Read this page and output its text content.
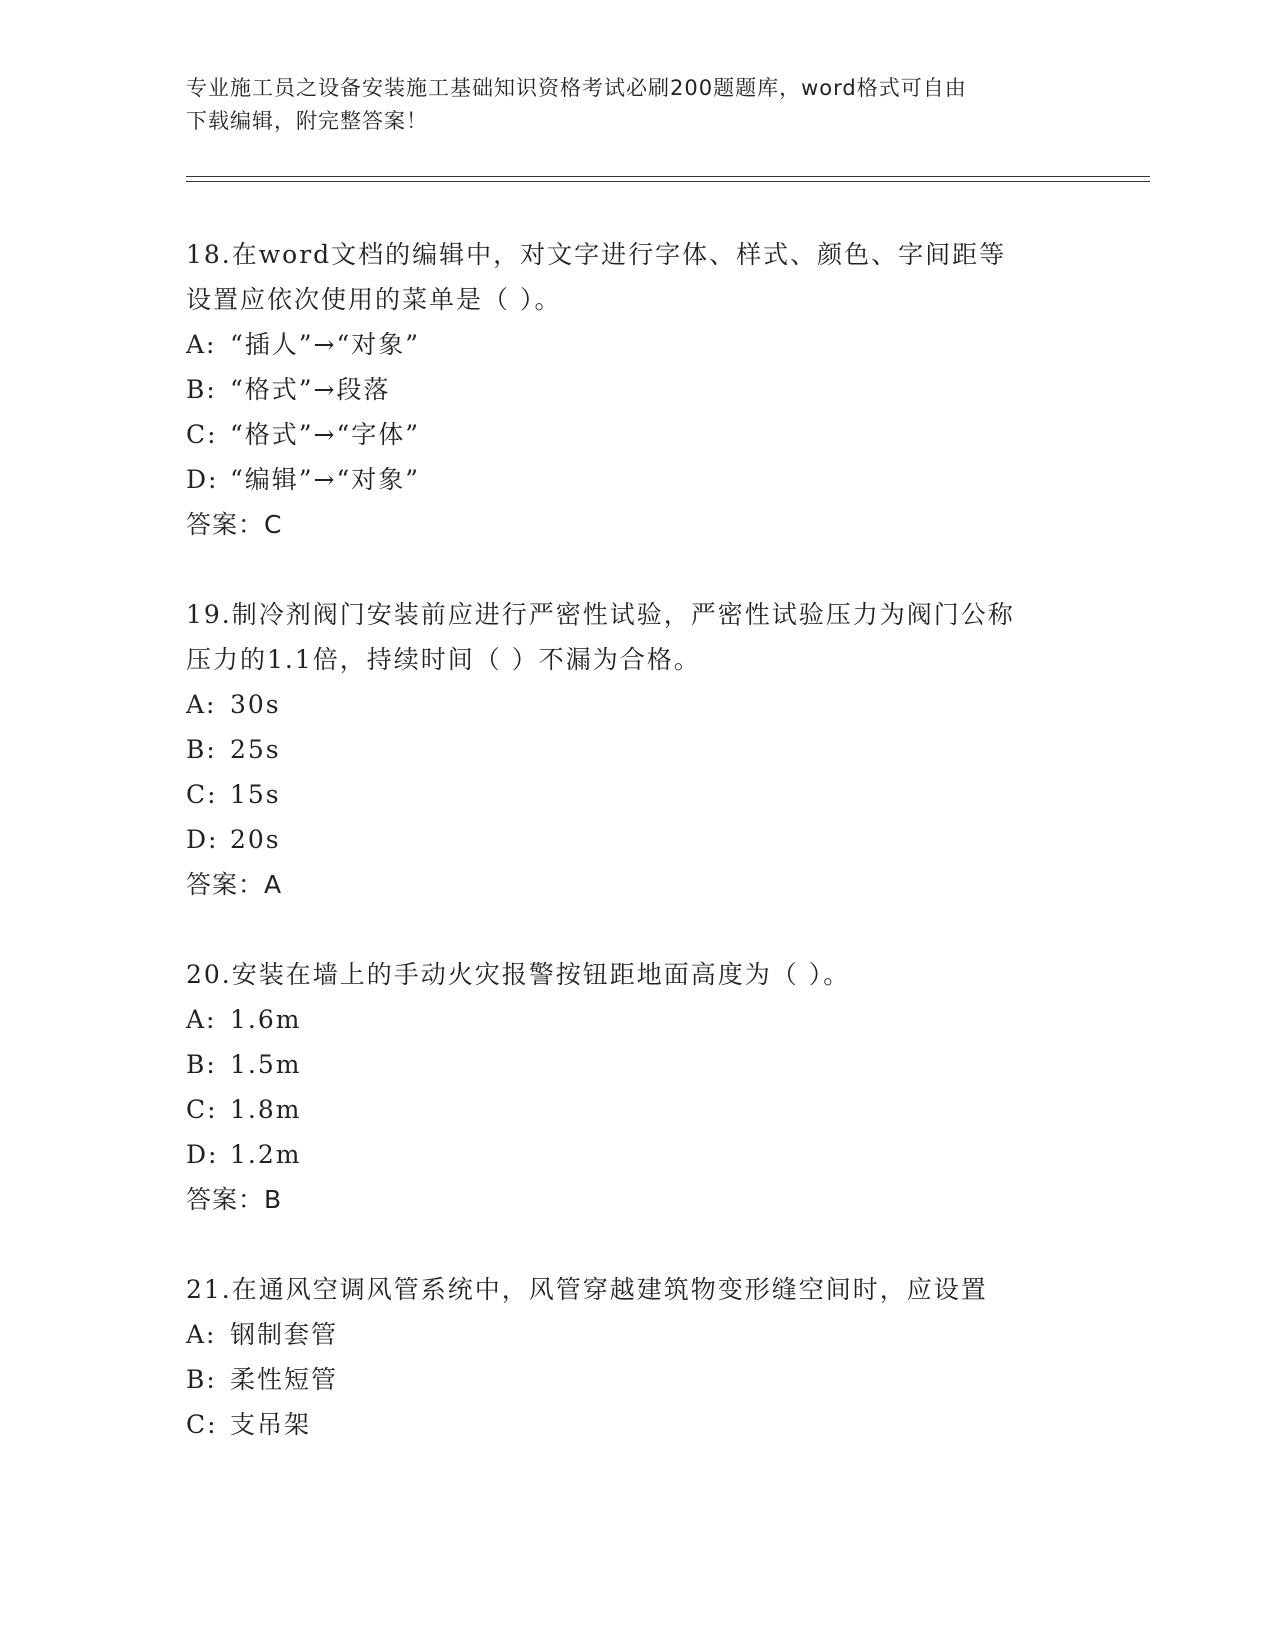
专业施工员之设备安装施工基础知识资格考试必刷200题题库，word格式可自由
下载编辑，附完整答案！
18.在word文档的编辑中，对文字进行字体、样式、颜色、字间距等
设置应依次使用的菜单是（ ）。
A: “插人”→“对象”
B: “格式”→段落
C: “格式”→“字体”
D: “编辑”→“对象”
答案：C
19.制冷剂阀门安装前应进行严密性试验，严密性试验压力为阀门公称
压力的1.1倍，持续时间（ ）不漏为合格。
A: 30s
B: 25s
C: 15s
D: 20s
答案：A
20.安装在墙上的手动火灾报警按钮距地面高度为（ ）。
A: 1.6m
B: 1.5m
C: 1.8m
D: 1.2m
答案：B
21.在通风空调风管系统中，风管穿越建筑物变形缝空间时，应设置
A: 钢制套管
B: 柔性短管
C: 支吊架
